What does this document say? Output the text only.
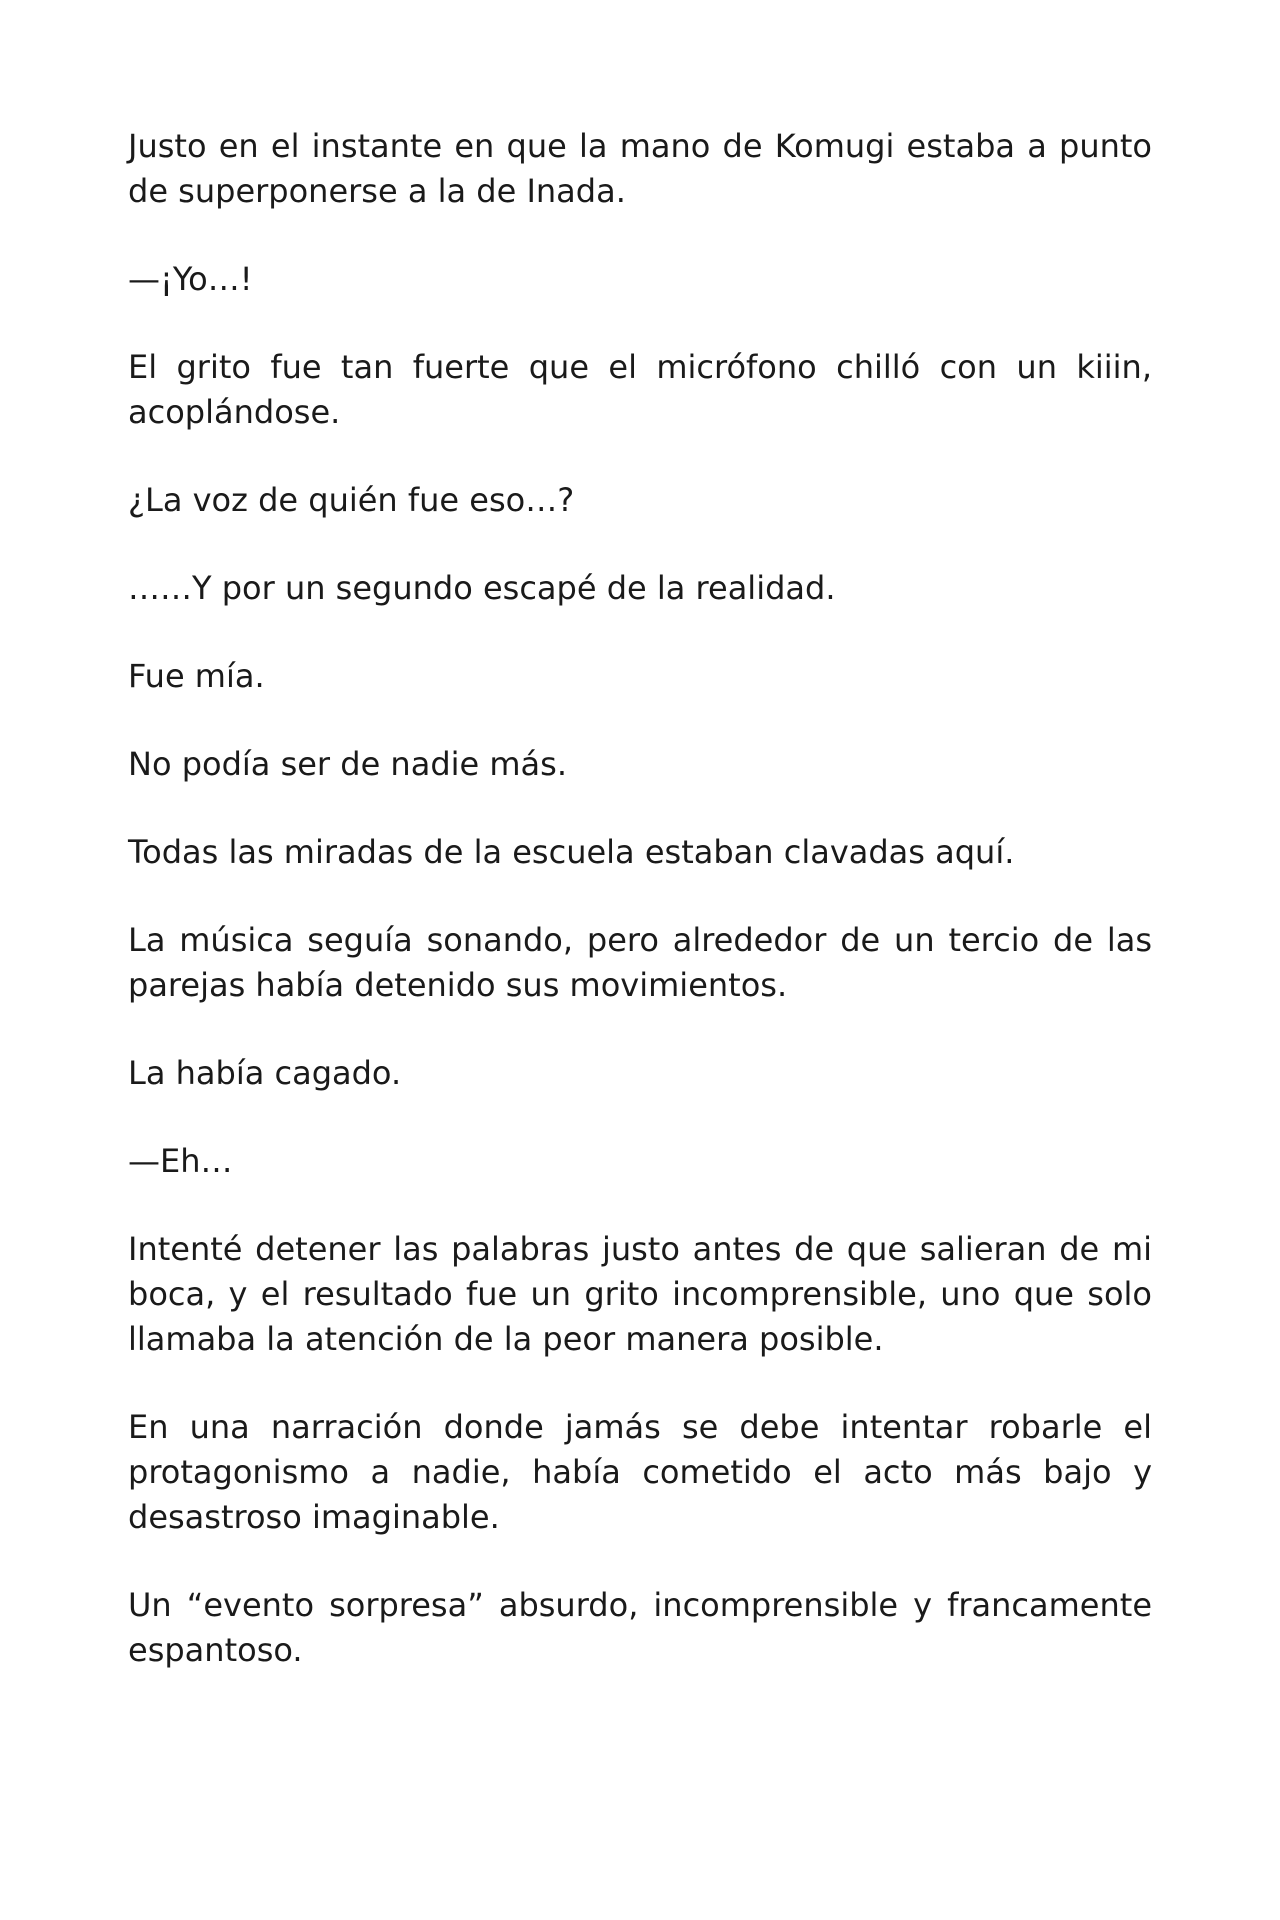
Justo en el instante en que la mano de Komugi estaba a punto de superponerse a la de Inada.

—¡Yo…!

El grito fue tan fuerte que el micrófono chilló con un kiiin, acoplándose.

¿La voz de quién fue eso…?

……Y por un segundo escapé de la realidad.

Fue mía.

No podía ser de nadie más.

Todas las miradas de la escuela estaban clavadas aquí.

La música seguía sonando, pero alrededor de un tercio de las parejas había detenido sus movimientos.

La había cagado.

—Eh…

Intenté detener las palabras justo antes de que salieran de mi boca, y el resultado fue un grito incomprensible, uno que solo llamaba la atención de la peor manera posible.

En una narración donde jamás se debe intentar robarle el protagonismo a nadie, había cometido el acto más bajo y desastroso imaginable.

Un “evento sorpresa” absurdo, incomprensible y francamente espantoso.
